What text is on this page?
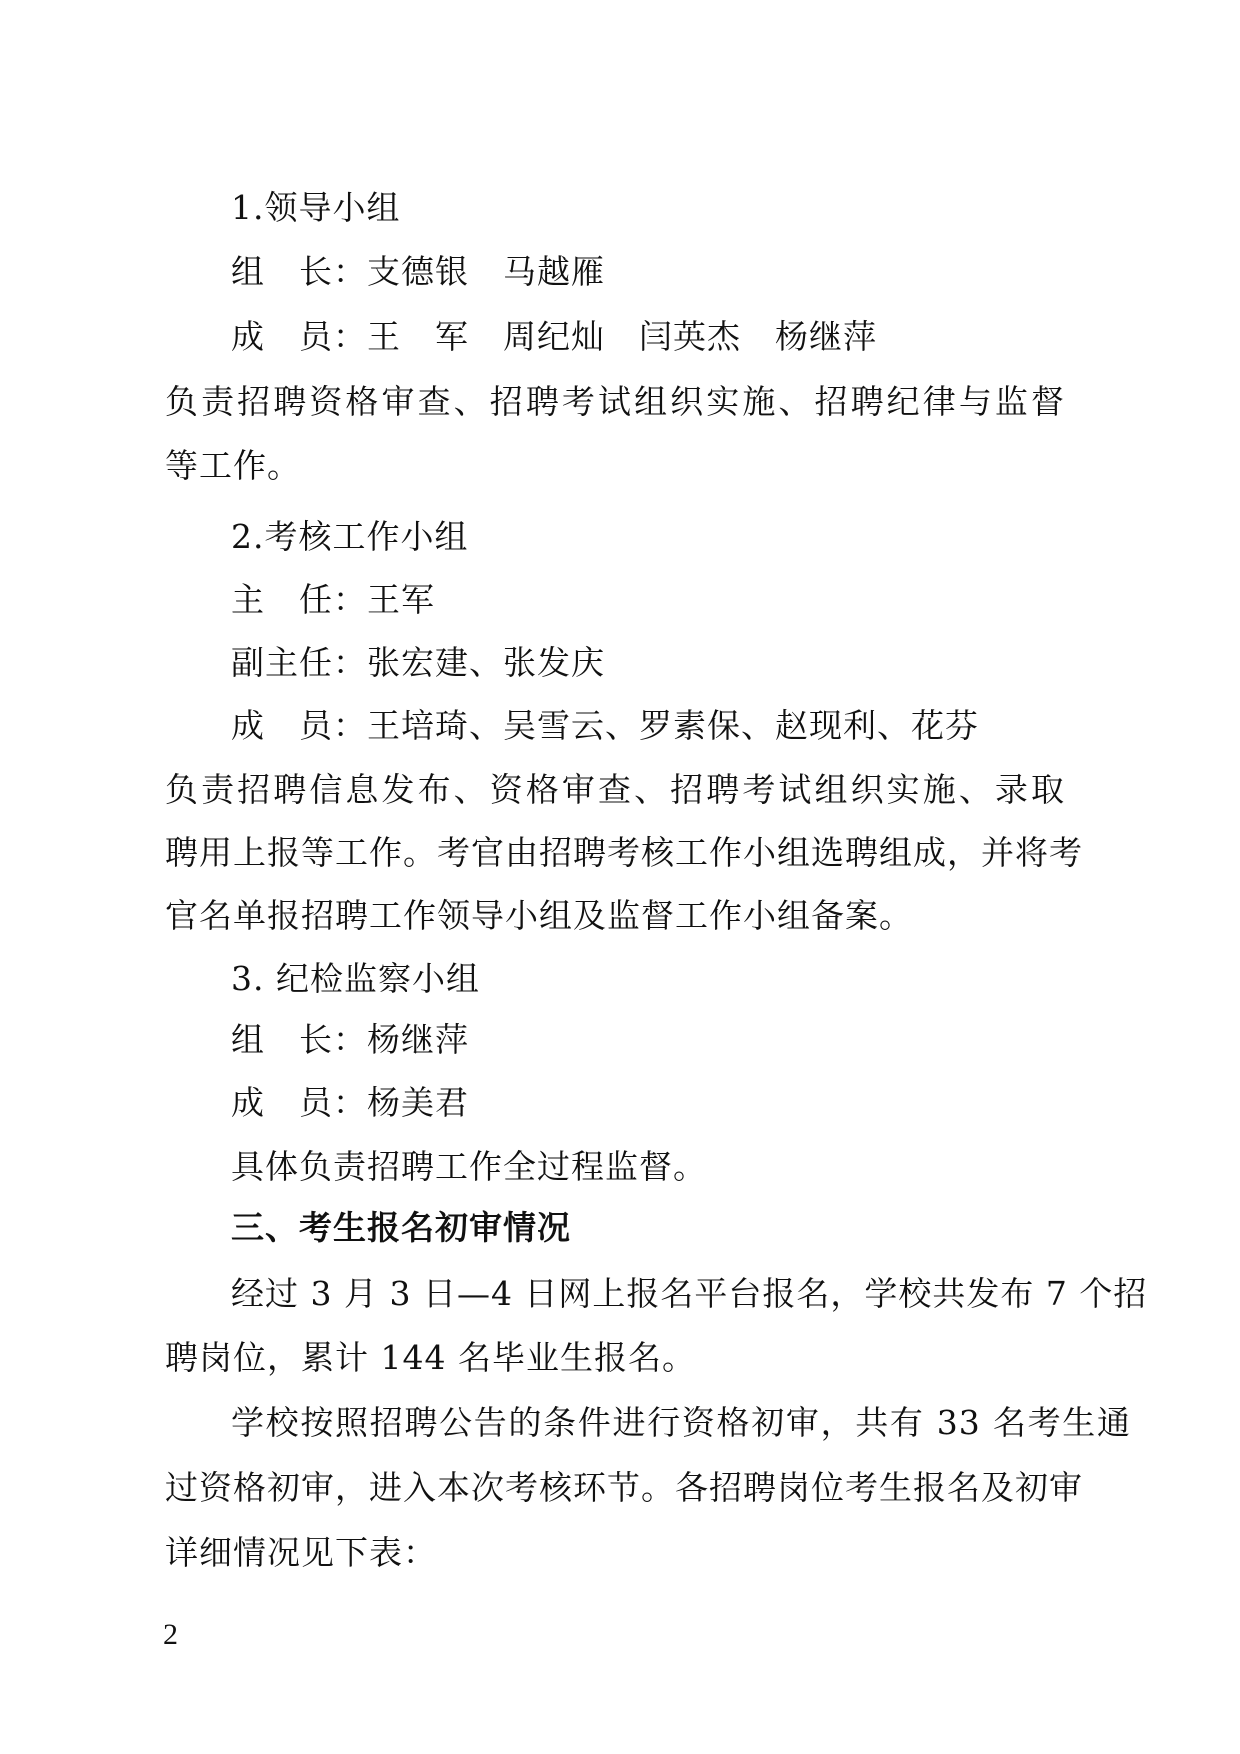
1.领导小组
组　长：支德银　马越雁
成　员：王　军　周纪灿　闫英杰　杨继萍
负责招聘资格审查、招聘考试组织实施、招聘纪律与监督
等工作。
2.考核工作小组
主　任：王军
副主任：张宏建、张发庆
成　员：王培琦、吴雪云、罗素保、赵现利、花芬
负责招聘信息发布、资格审查、招聘考试组织实施、录取
聘用上报等工作。考官由招聘考核工作小组选聘组成，并将考
官名单报招聘工作领导小组及监督工作小组备案。
3. 纪检监察小组
组　长：杨继萍
成　员：杨美君
具体负责招聘工作全过程监督。
三、考生报名初审情况
经过 3 月 3 日—4 日网上报名平台报名，学校共发布 7 个招
聘岗位，累计 144 名毕业生报名。
学校按照招聘公告的条件进行资格初审，共有 33 名考生通
过资格初审，进入本次考核环节。各招聘岗位考生报名及初审
详细情况见下表：
2
